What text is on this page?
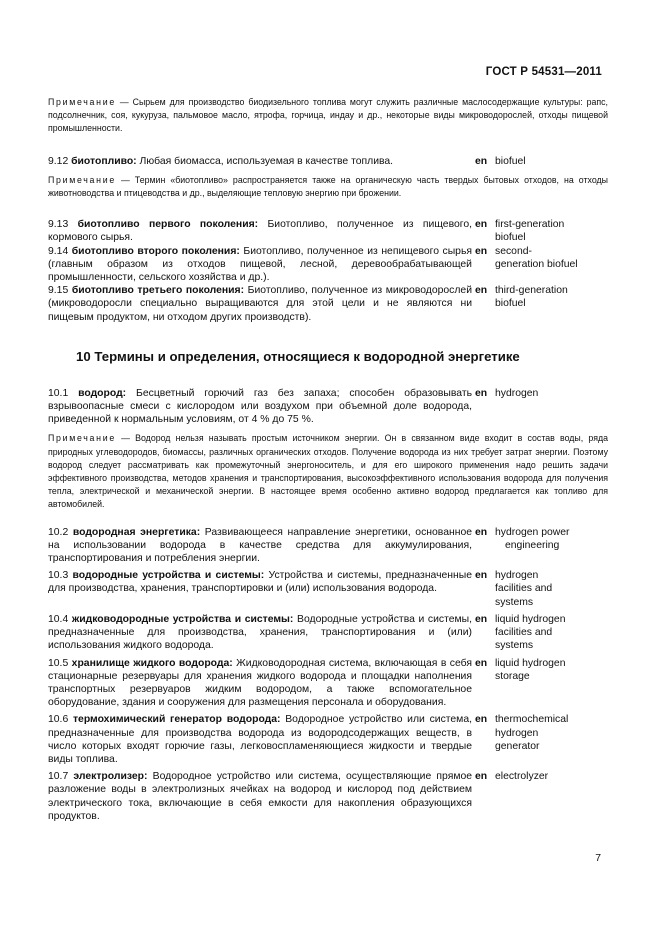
ГОСТ Р 54531—2011
Примечание — Сырьем для производство биодизельного топлива могут служить различные маслосодержащие культуры: рапс, подсолнечник, соя, кукуруза, пальмовое масло, ятрофа, горчица, индау и др., некоторые виды микроводорослей, отходы пищевой промышленности.
9.12 биотопливо: Любая биомасса, используемая в качестве топлива.	en biofuel
Примечание — Термин «биотопливо» распространяется также на органическую часть твердых бытовых отходов, на отходы животноводства и птицеводства и др., выделяющие тепловую энергию при брожении.
9.13 биотопливо первого поколения: Биотопливо, полученное из пищевого, кормового сырья.
en first-generation
biofuel
9.14 биотопливо второго поколения: Биотопливо, полученное из непищевого сырья (главным образом из отходов пищевой, лесной, деревообрабатывающей промышленности, сельского хозяйства и др.).
en second-
generation biofuel
9.15 биотопливо третьего поколения: Биотопливо, полученное из микроводорослей (микроводоросли специально выращиваются для этой цели и не являются ни пищевым продуктом, ни отходом других производств).
en third-generation
biofuel
10 Термины и определения, относящиеся к водородной энергетике
10.1 водород: Бесцветный горючий газ без запаха; способен образовывать взрывоопасные смеси с кислородом или воздухом при объемной доле водорода, приведенной к нормальным условиям, от 4 % до 75 %.
en hydrogen
Примечание — Водород нельзя называть простым источником энергии. Он в связанном виде входит в состав воды, ряда природных углеводородов, биомассы, различных органических отходов. Получение водорода из них требует затрат энергии. Поэтому водород следует рассматривать как промежуточный энергоноситель, и для его широкого применения надо решить задачи эффективного производства, методов хранения и транспортирования, высокоэффективного использования водорода для получения тепла, электрической и механической энергии. В настоящее время особенно активно водород предлагается как топливо для автомобилей.
10.2 водородная энергетика: Развивающееся направление энергетики, основанное на использовании водорода в качестве средства для аккумулирования, транспортирования и потребления энергии.
en hydrogen power
engineering
10.3 водородные устройства и системы: Устройства и системы, предназначенные для производства, хранения, транспортировки и (или) использования водорода.
en hydrogen
facilities and
systems
10.4 жидководородные устройства и системы: Водородные устройства и системы, предназначенные для производства, хранения, транспортирования и (или) использования жидкого водорода.
en liquid hydrogen
facilities and
systems
10.5 хранилище жидкого водорода: Жидководородная система, включающая в себя стационарные резервуары для хранения жидкого водорода и площадки наполнения транспортных резервуаров жидким водородом, а также вспомогательное оборудование, здания и сооружения для размещения персонала и оборудования.
en liquid hydrogen
storage
10.6 термохимический генератор водорода: Водородное устройство или система, предназначенные для производства водорода из водородсодержащих веществ, в число которых входят горючие газы, легковоспламеняющиеся жидкости и твердые виды топлива.
en thermochemical
hydrogen
generator
10.7 электролизер: Водородное устройство или система, осуществляющие прямое разложение воды в электролизных ячейках на водород и кислород под действием электрического тока, включающие в себя емкости для накопления образующихся продуктов.
en electrolyzer
7
